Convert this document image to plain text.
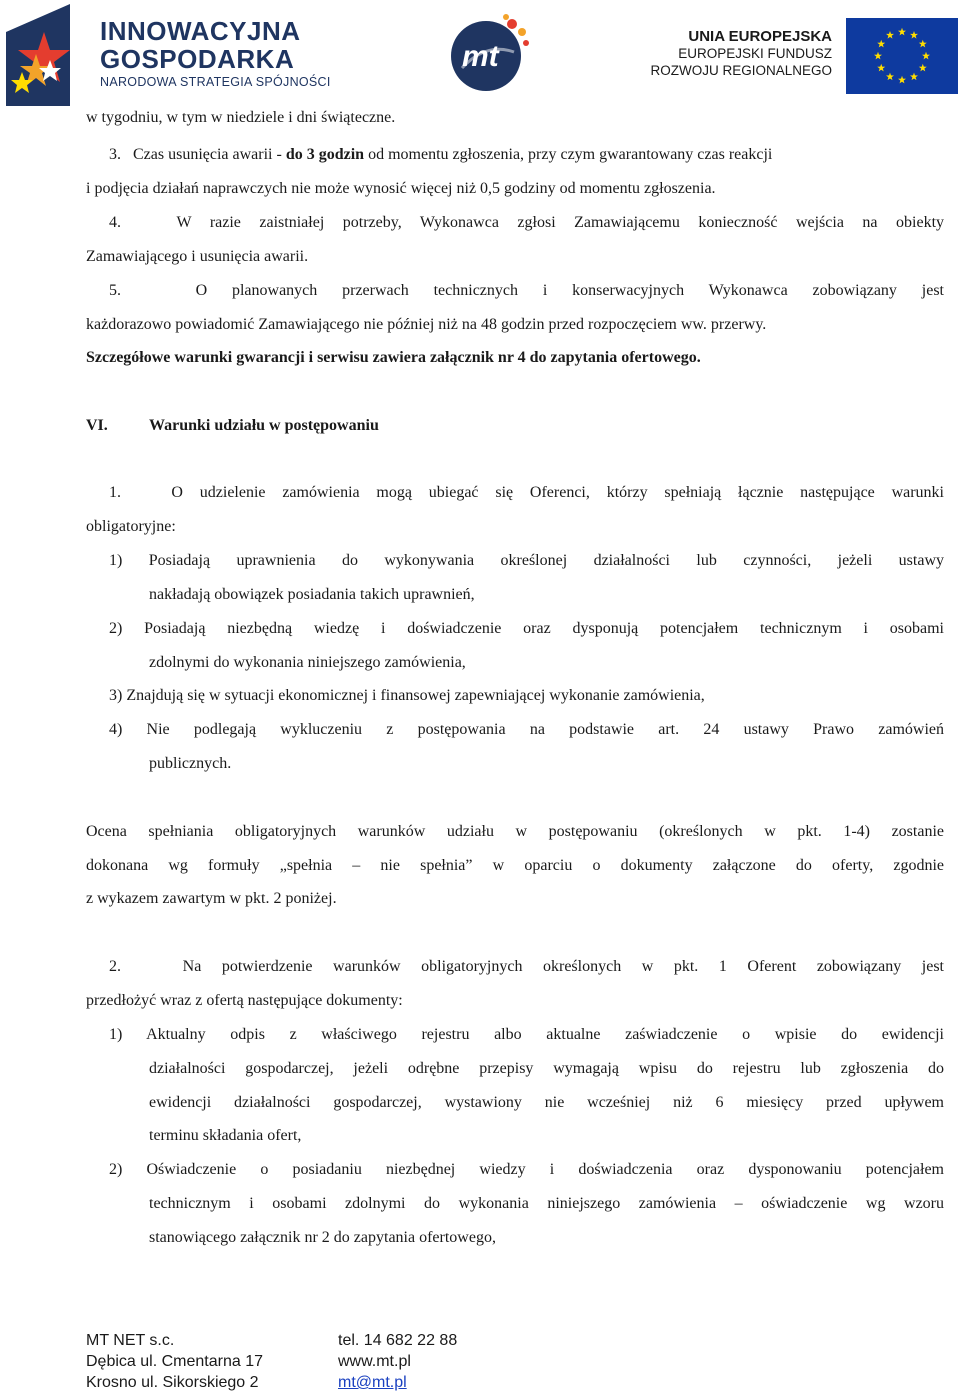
INNOWACYJNA
GOSPODARKA
NARODOWA STRATEGIA SPÓJNOŚCI
mt
UNIA EUROPEJSKA
EUROPEJSKI FUNDUSZ
ROZWOJU REGIONALNEGO
w tygodniu, w tym w niedziele i dni świąteczne.
3. Czas usunięcia awarii - do 3 godzin od momentu zgłoszenia, przy czym gwarantowany czas reakcji
i podjęcia działań naprawczych nie może wynosić więcej niż 0,5 godziny od momentu zgłoszenia.
4.	W razie zaistniałej potrzeby, Wykonawca zgłosi Zamawiającemu konieczność wejścia na obiekty
Zamawiającego i usunięcia awarii.
5.	O planowanych przerwach technicznych i konserwacyjnych Wykonawca zobowiązany jest
każdorazowo powiadomić Zamawiającego nie później niż na 48 godzin przed rozpoczęciem ww. przerwy.
Szczegółowe warunki gwarancji i serwisu zawiera załącznik nr 4 do zapytania ofertowego.
VI.	Warunki udziału w postępowaniu
1.	O udzielenie zamówienia mogą ubiegać się Oferenci, którzy spełniają łącznie następujące warunki
obligatoryjne:
1) Posiadają uprawnienia do wykonywania określonej działalności lub czynności, jeżeli ustawy
nakładają obowiązek posiadania takich uprawnień,
2) Posiadają niezbędną wiedzę i doświadczenie oraz dysponują potencjałem technicznym i osobami
zdolnymi do wykonania niniejszego zamówienia,
3) Znajdują się w sytuacji ekonomicznej i finansowej zapewniającej wykonanie zamówienia,
4) Nie podlegają wykluczeniu z postępowania na podstawie art. 24 ustawy Prawo zamówień
publicznych.
Ocena spełniania obligatoryjnych warunków udziału w postępowaniu (określonych w pkt. 1-4) zostanie
dokonana wg formuły „spełnia – nie spełnia” w oparciu o dokumenty załączone do oferty, zgodnie
z wykazem zawartym w pkt. 2 poniżej.
2.	Na potwierdzenie warunków obligatoryjnych określonych w pkt. 1 Oferent zobowiązany jest
przedłożyć wraz z ofertą następujące dokumenty:
1) Aktualny odpis z właściwego rejestru albo aktualne zaświadczenie o wpisie do ewidencji
działalności gospodarczej, jeżeli odrębne przepisy wymagają wpisu do rejestru lub zgłoszenia do
ewidencji działalności gospodarczej, wystawiony nie wcześniej niż 6 miesięcy przed upływem
terminu składania ofert,
2) Oświadczenie o posiadaniu niezbędnej wiedzy i doświadczenia oraz dysponowaniu potencjałem
technicznym i osobami zdolnymi do wykonania niniejszego zamówienia – oświadczenie wg wzoru
stanowiącego załącznik nr 2 do zapytania ofertowego,
MT NET s.c.
Dębica ul. Cmentarna 17
Krosno ul. Sikorskiego 2
tel. 14 682 22 88
www.mt.pl
mt@mt.pl
